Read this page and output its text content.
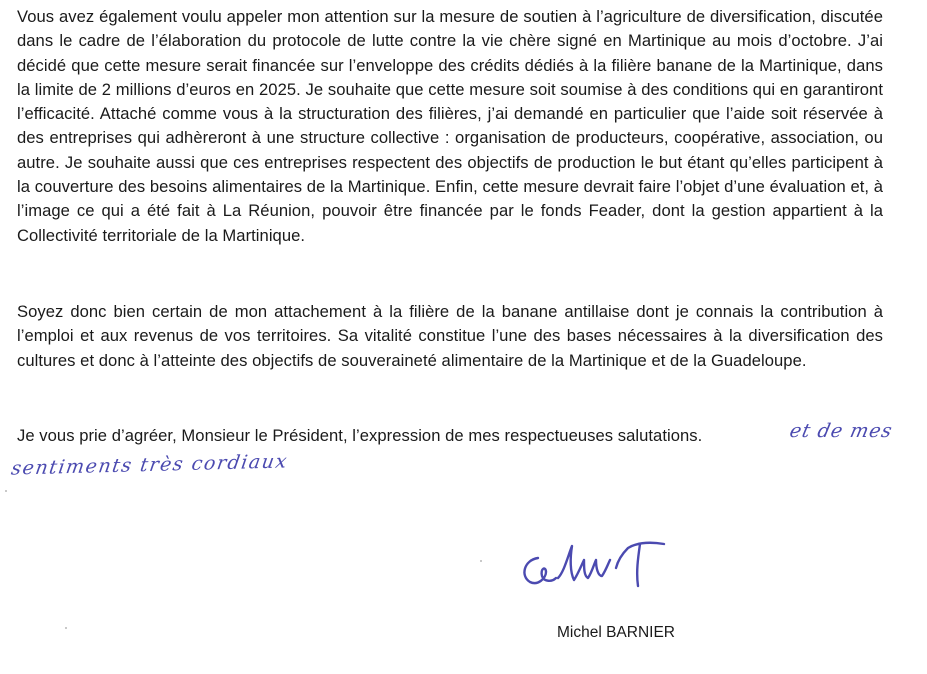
Vous avez également voulu appeler mon attention sur la mesure de soutien à l’agriculture de diversification, discutée dans le cadre de l’élaboration du protocole de lutte contre la vie chère signé en Martinique au mois d’octobre. J’ai décidé que cette mesure serait financée sur l’enveloppe des crédits dédiés à la filière banane de la Martinique, dans la limite de 2 millions d’euros en 2025. Je souhaite que cette mesure soit soumise à des conditions qui en garantiront l’efficacité. Attaché comme vous à la structuration des filières, j’ai demandé en particulier que l’aide soit réservée à des entreprises qui adhèreront à une structure collective : organisation de producteurs, coopérative, association, ou autre. Je souhaite aussi que ces entreprises respectent des objectifs de production le but étant qu’elles participent à la couverture des besoins alimentaires de la Martinique. Enfin, cette mesure devrait faire l’objet d’une évaluation et, à l’image ce qui a été fait à La Réunion, pouvoir être financée par le fonds Feader, dont la gestion appartient à la Collectivité territoriale de la Martinique.

Soyez donc bien certain de mon attachement à la filière de la banane antillaise dont je connais la contribution à l’emploi et aux revenus de vos territoires. Sa vitalité constitue l’une des bases nécessaires à la diversification des cultures et donc à l’atteinte des objectifs de souveraineté alimentaire de la Martinique et de la Guadeloupe.

Je vous prie d’agréer, Monsieur le Président, l’expression de mes respectueuses salutations.	et de mes
sentiments très cordiaux
Michel BARNIER
